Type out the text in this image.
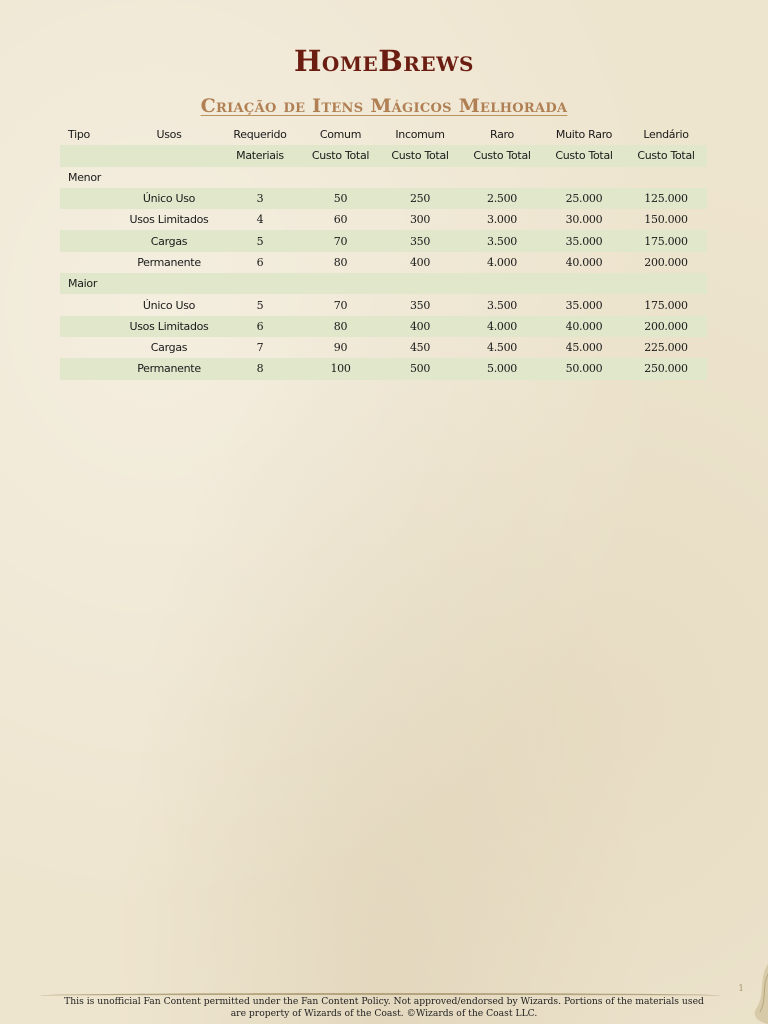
HomeBrews
Criação de Itens Mágicos Melhorada
Tipo	Usos	Requerido	Comum	Incomum	Raro	Muito Raro	Lendário
		Materiais	Custo Total	Custo Total	Custo Total	Custo Total	Custo Total
Menor							
	Único Uso	3	50	250	2.500	25.000	125.000
	Usos Limitados	4	60	300	3.000	30.000	150.000
	Cargas	5	70	350	3.500	35.000	175.000
	Permanente	6	80	400	4.000	40.000	200.000
Maior							
	Único Uso	5	70	350	3.500	35.000	175.000
	Usos Limitados	6	80	400	4.000	40.000	200.000
	Cargas	7	90	450	4.500	45.000	225.000
	Permanente	8	100	500	5.000	50.000	250.000
1
This is unofficial Fan Content permitted under the Fan Content Policy. Not approved/endorsed by Wizards. Portions of the materials used
are property of Wizards of the Coast. ©Wizards of the Coast LLC.
